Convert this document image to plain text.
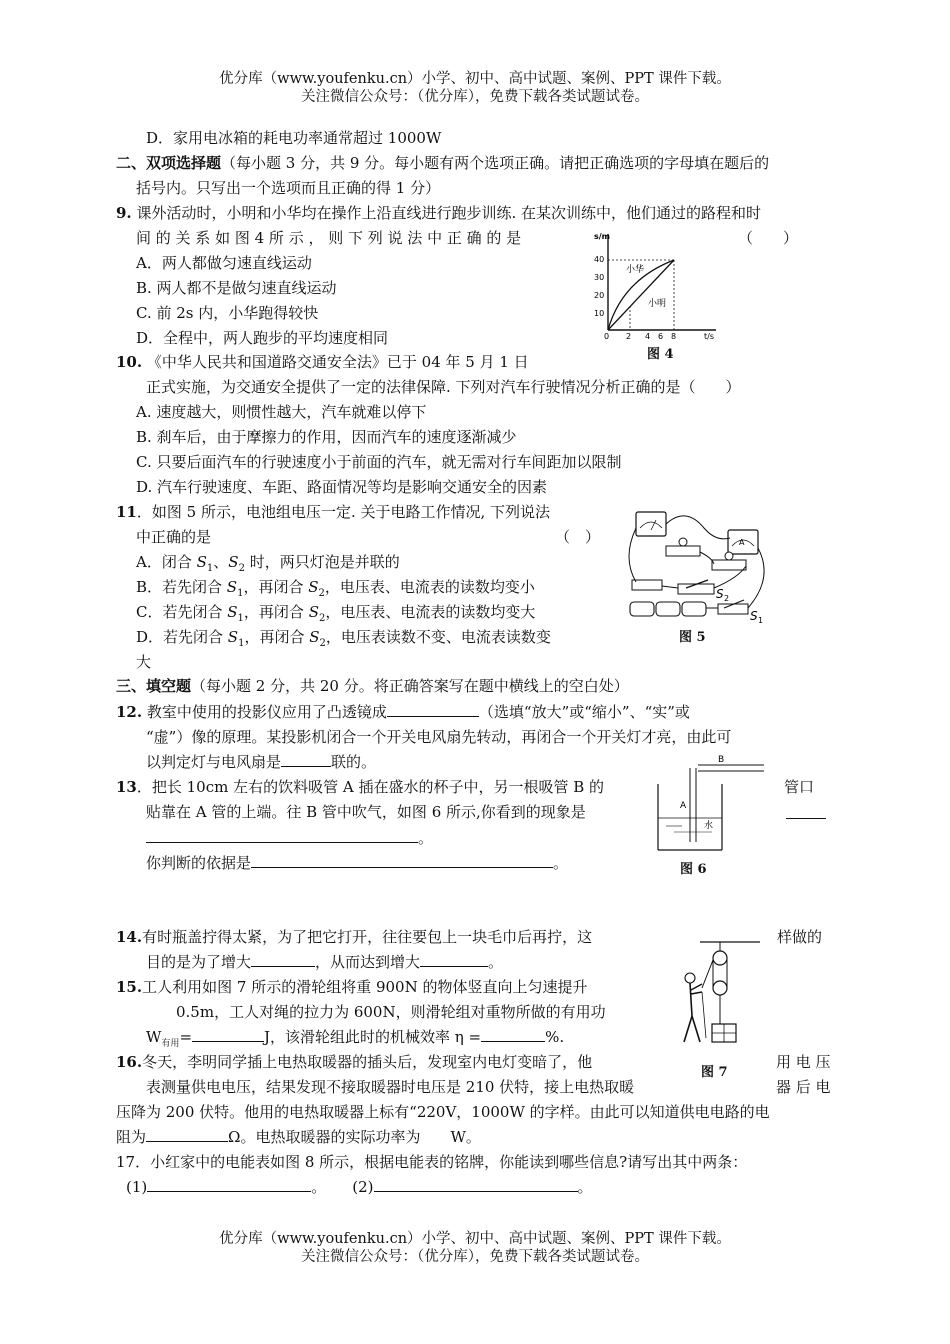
优分库（www.youfenku.cn）小学、初中、高中试题、案例、PPT 课件下载。
关注微信公众号：（优分库），免费下载各类试题试卷。
D．家用电冰箱的耗电功率通常超过 1000W
二、双项选择题（每小题 3 分，共 9 分。每小题有两个选项正确。请把正确选项的字母填在题后的
括号内。只写出一个选项而且正确的得 1 分）
9. 课外活动时，小明和小华均在操作上沿直线进行跑步训练. 在某次训练中，他们通过的路程和时
间 的 关 系 如 图 4 所 示 ， 则 下 列 说 法 中 正 确 的 是	（　　）
A．两人都做匀速直线运动
B. 两人都不是做匀速直线运动
C. 前 2s 内，小华跑得较快
D．全程中，两人跑步的平均速度相同
s/m
t/s
40
30
20
10
0 2 4 6 8
小华
小明
图 4
10. 《中华人民共和国道路交通安全法》已于 04 年 5 月 1 日
正式实施，为交通安全提供了一定的法律保障. 下列对汽车行驶情况分析正确的是（　　）
A. 速度越大，则惯性越大，汽车就难以停下
B. 刹车后，由于摩擦力的作用，因而汽车的速度逐渐减少
C. 只要后面汽车的行驶速度小于前面的汽车，就无需对行车间距加以限制
D. 汽车行驶速度、车距、路面情况等均是影响交通安全的因素
11．如图 5 所示，电池组电压一定. 关于电路工作情况, 下列说法
中正确的是	（　）
A．闭合 $S_1$、$S_2$ 时，两只灯泡是并联的
B．若先闭合 $S_1$，再闭合 $S_2$，电压表、电流表的读数均变小
C．若先闭合 $S_1$，再闭合 $S_2$，电压表、电流表的读数均变大
D．若先闭合 $S_1$，再闭合 $S_2$，电压表读数不变、电流表读数变
大
A
S 2
S 1
图 5
三、填空题（每小题 2 分，共 20 分。将正确答案写在题中横线上的空白处）
12. 教室中使用的投影仪应用了凸透镜成	（选填“放大”或“缩小”、“实”或
“虚”）像的原理。某投影机闭合一个开关电风扇先转动，再闭合一个开关灯才亮，由此可
以判定灯与电风扇是	联的。
13．把长 10cm 左右的饮料吸管 A 插在盛水的杯子中，另一根吸管 B 的	管口
贴靠在 A 管的上端。往 B 管中吹气，如图 6 所示,你看到的现象是
。
你判断的依据是	。
B
A
水
图 6
14.有时瓶盖拧得太紧，为了把它打开，往往要包上一块毛巾后再拧，这	样做的
目的是为了增大	，从而达到增大	。
15.工人利用如图 7 所示的滑轮组将重 900N 的物体竖直向上匀速提升
0.5m，工人对绳的拉力为 600N，则滑轮组对重物所做的有用功
$W_{有用}=$	J，该滑轮组此时的机械效率 η =	%.
图 7
16.冬天，李明同学插上电热取暖器的插头后，发现室内电灯变暗了，他	用 电 压
表测量供电电压，结果发现不接取暖器时电压是 210 伏特，接上电热取暖	器 后 电
压降为 200 伏特。他用的电热取暖器上标有“220V，1000W 的字样。由此可以知道供电电路的电
阻为	Ω。电热取暖器的实际功率为 W。
17．小红家中的电能表如图 8 所示，根据电能表的铭牌，你能读到哪些信息?请写出其中两条：
(1)	。 (2)	。
优分库（www.youfenku.cn）小学、初中、高中试题、案例、PPT 课件下载。
关注微信公众号：（优分库），免费下载各类试题试卷。
